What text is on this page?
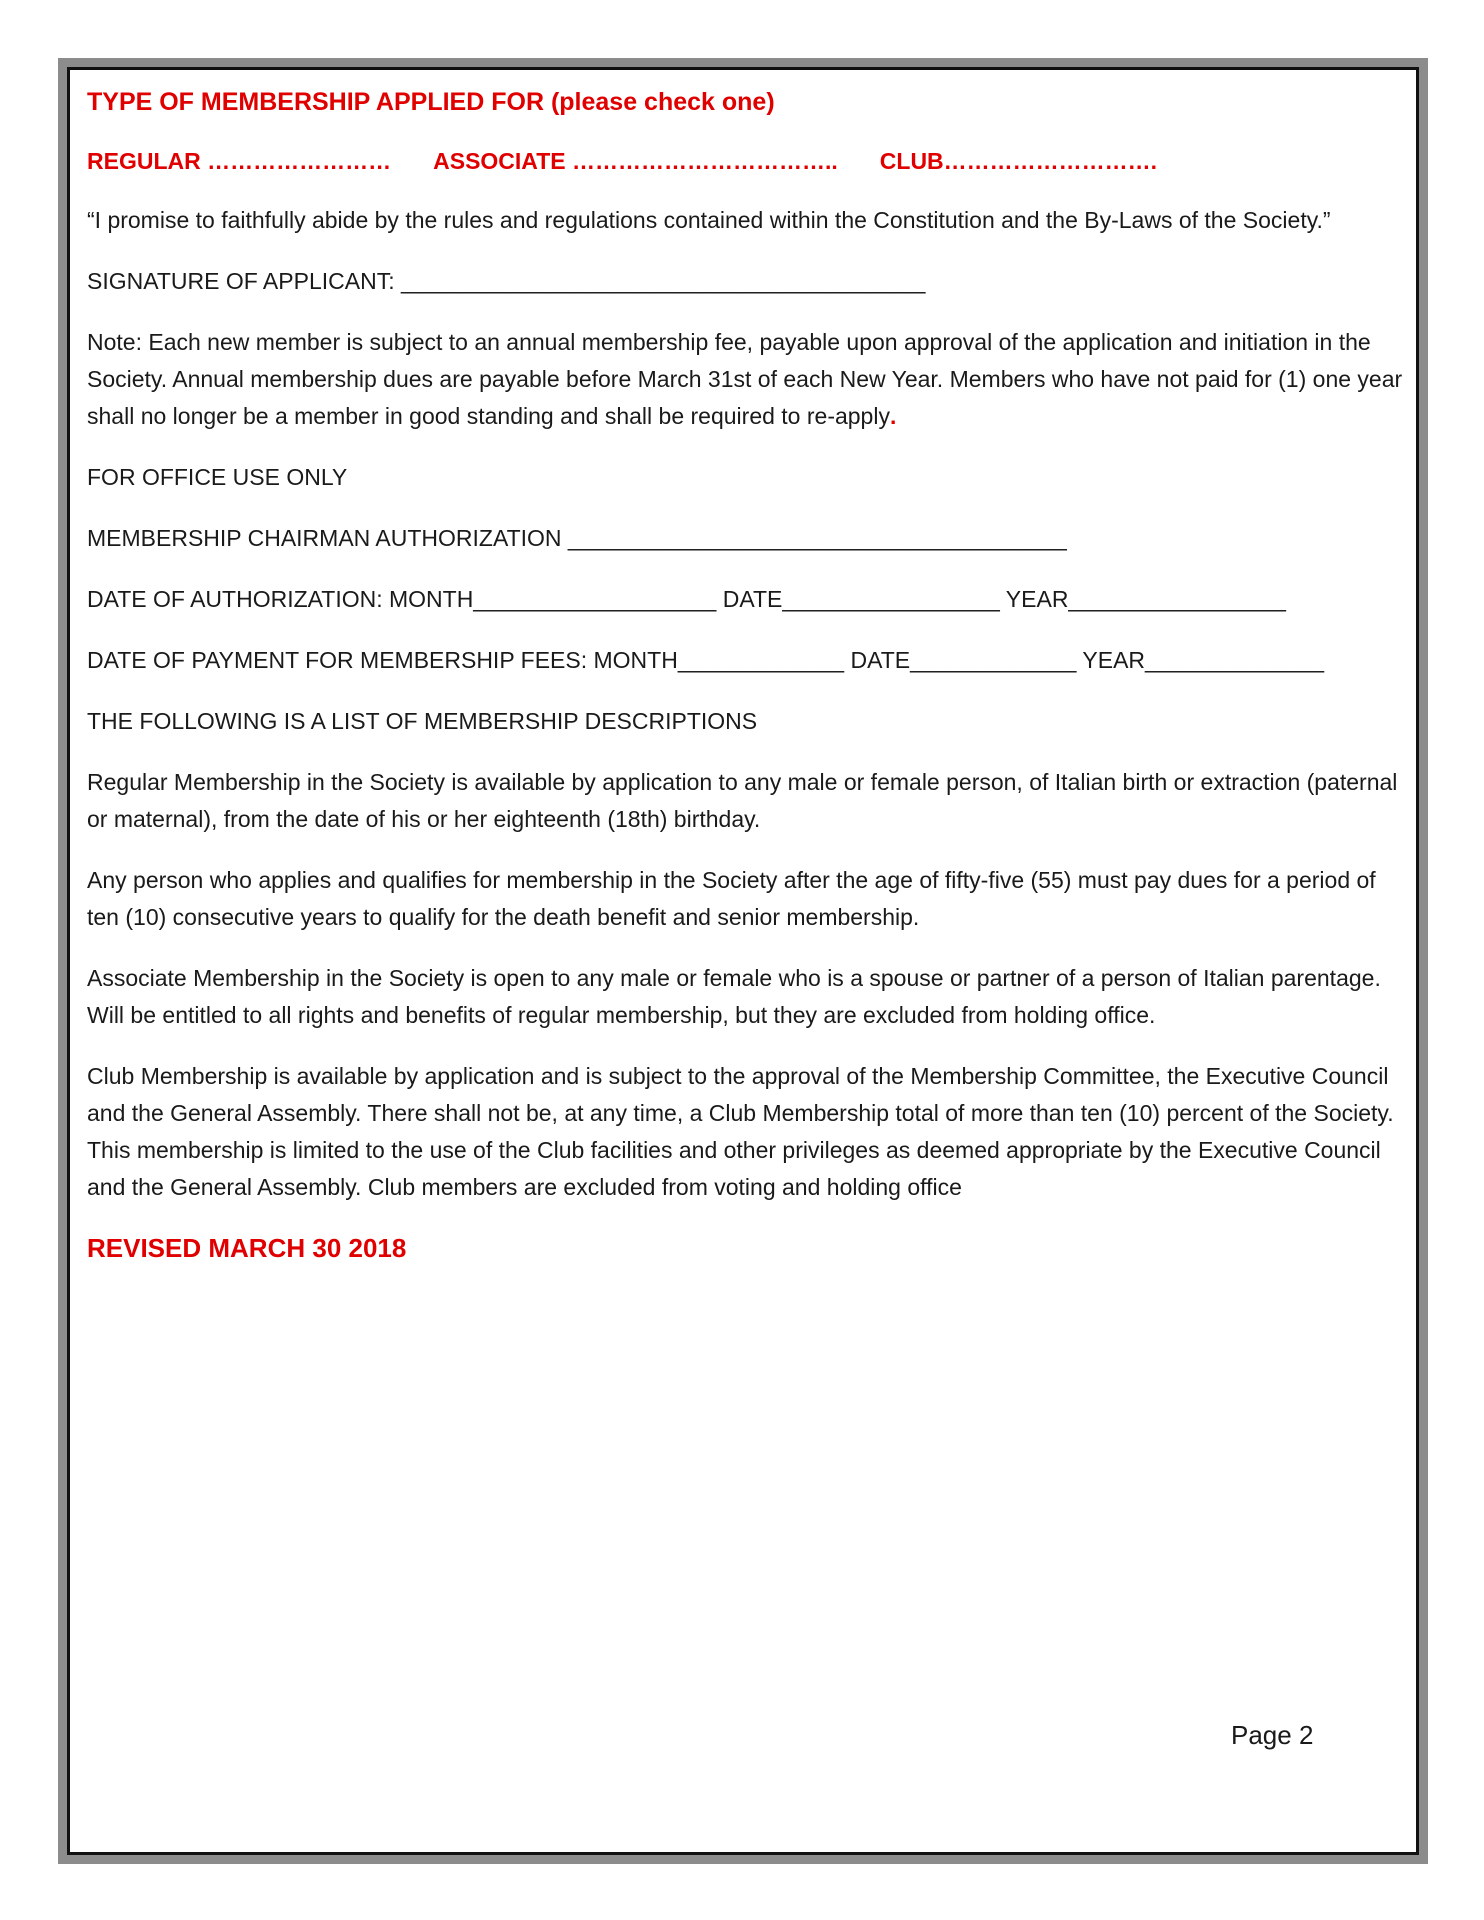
TYPE OF MEMBERSHIP APPLIED FOR (please check one)
REGULAR …………………… ASSOCIATE …………………………….. CLUB……………………….
“I promise to faithfully abide by the rules and regulations contained within the Constitution and the By-Laws of the Society.”
SIGNATURE OF APPLICANT: _________________________________________
Note: Each new member is subject to an annual membership fee, payable upon approval of the application and initiation in the Society. Annual membership dues are payable before March 31st of each New Year. Members who have not paid for (1) one year shall no longer be a member in good standing and shall be required to re-apply.
FOR OFFICE USE ONLY
MEMBERSHIP CHAIRMAN AUTHORIZATION _______________________________________
DATE OF AUTHORIZATION: MONTH___________________ DATE_________________ YEAR_________________
DATE OF PAYMENT FOR MEMBERSHIP FEES: MONTH_____________ DATE_____________ YEAR______________
THE FOLLOWING IS A LIST OF MEMBERSHIP DESCRIPTIONS
Regular Membership in the Society is available by application to any male or female person, of Italian birth or extraction (paternal or maternal), from the date of his or her eighteenth (18th) birthday.
Any person who applies and qualifies for membership in the Society after the age of fifty-five (55) must pay dues for a period of ten (10) consecutive years to qualify for the death benefit and senior membership.
Associate Membership in the Society is open to any male or female who is a spouse or partner of a person of Italian parentage. Will be entitled to all rights and benefits of regular membership, but they are excluded from holding office.
Club Membership is available by application and is subject to the approval of the Membership Committee, the Executive Council and the General Assembly. There shall not be, at any time, a Club Membership total of more than ten (10) percent of the Society. This membership is limited to the use of the Club facilities and other privileges as deemed appropriate by the Executive Council and the General Assembly. Club members are excluded from voting and holding office
REVISED MARCH 30 2018
Page 2
